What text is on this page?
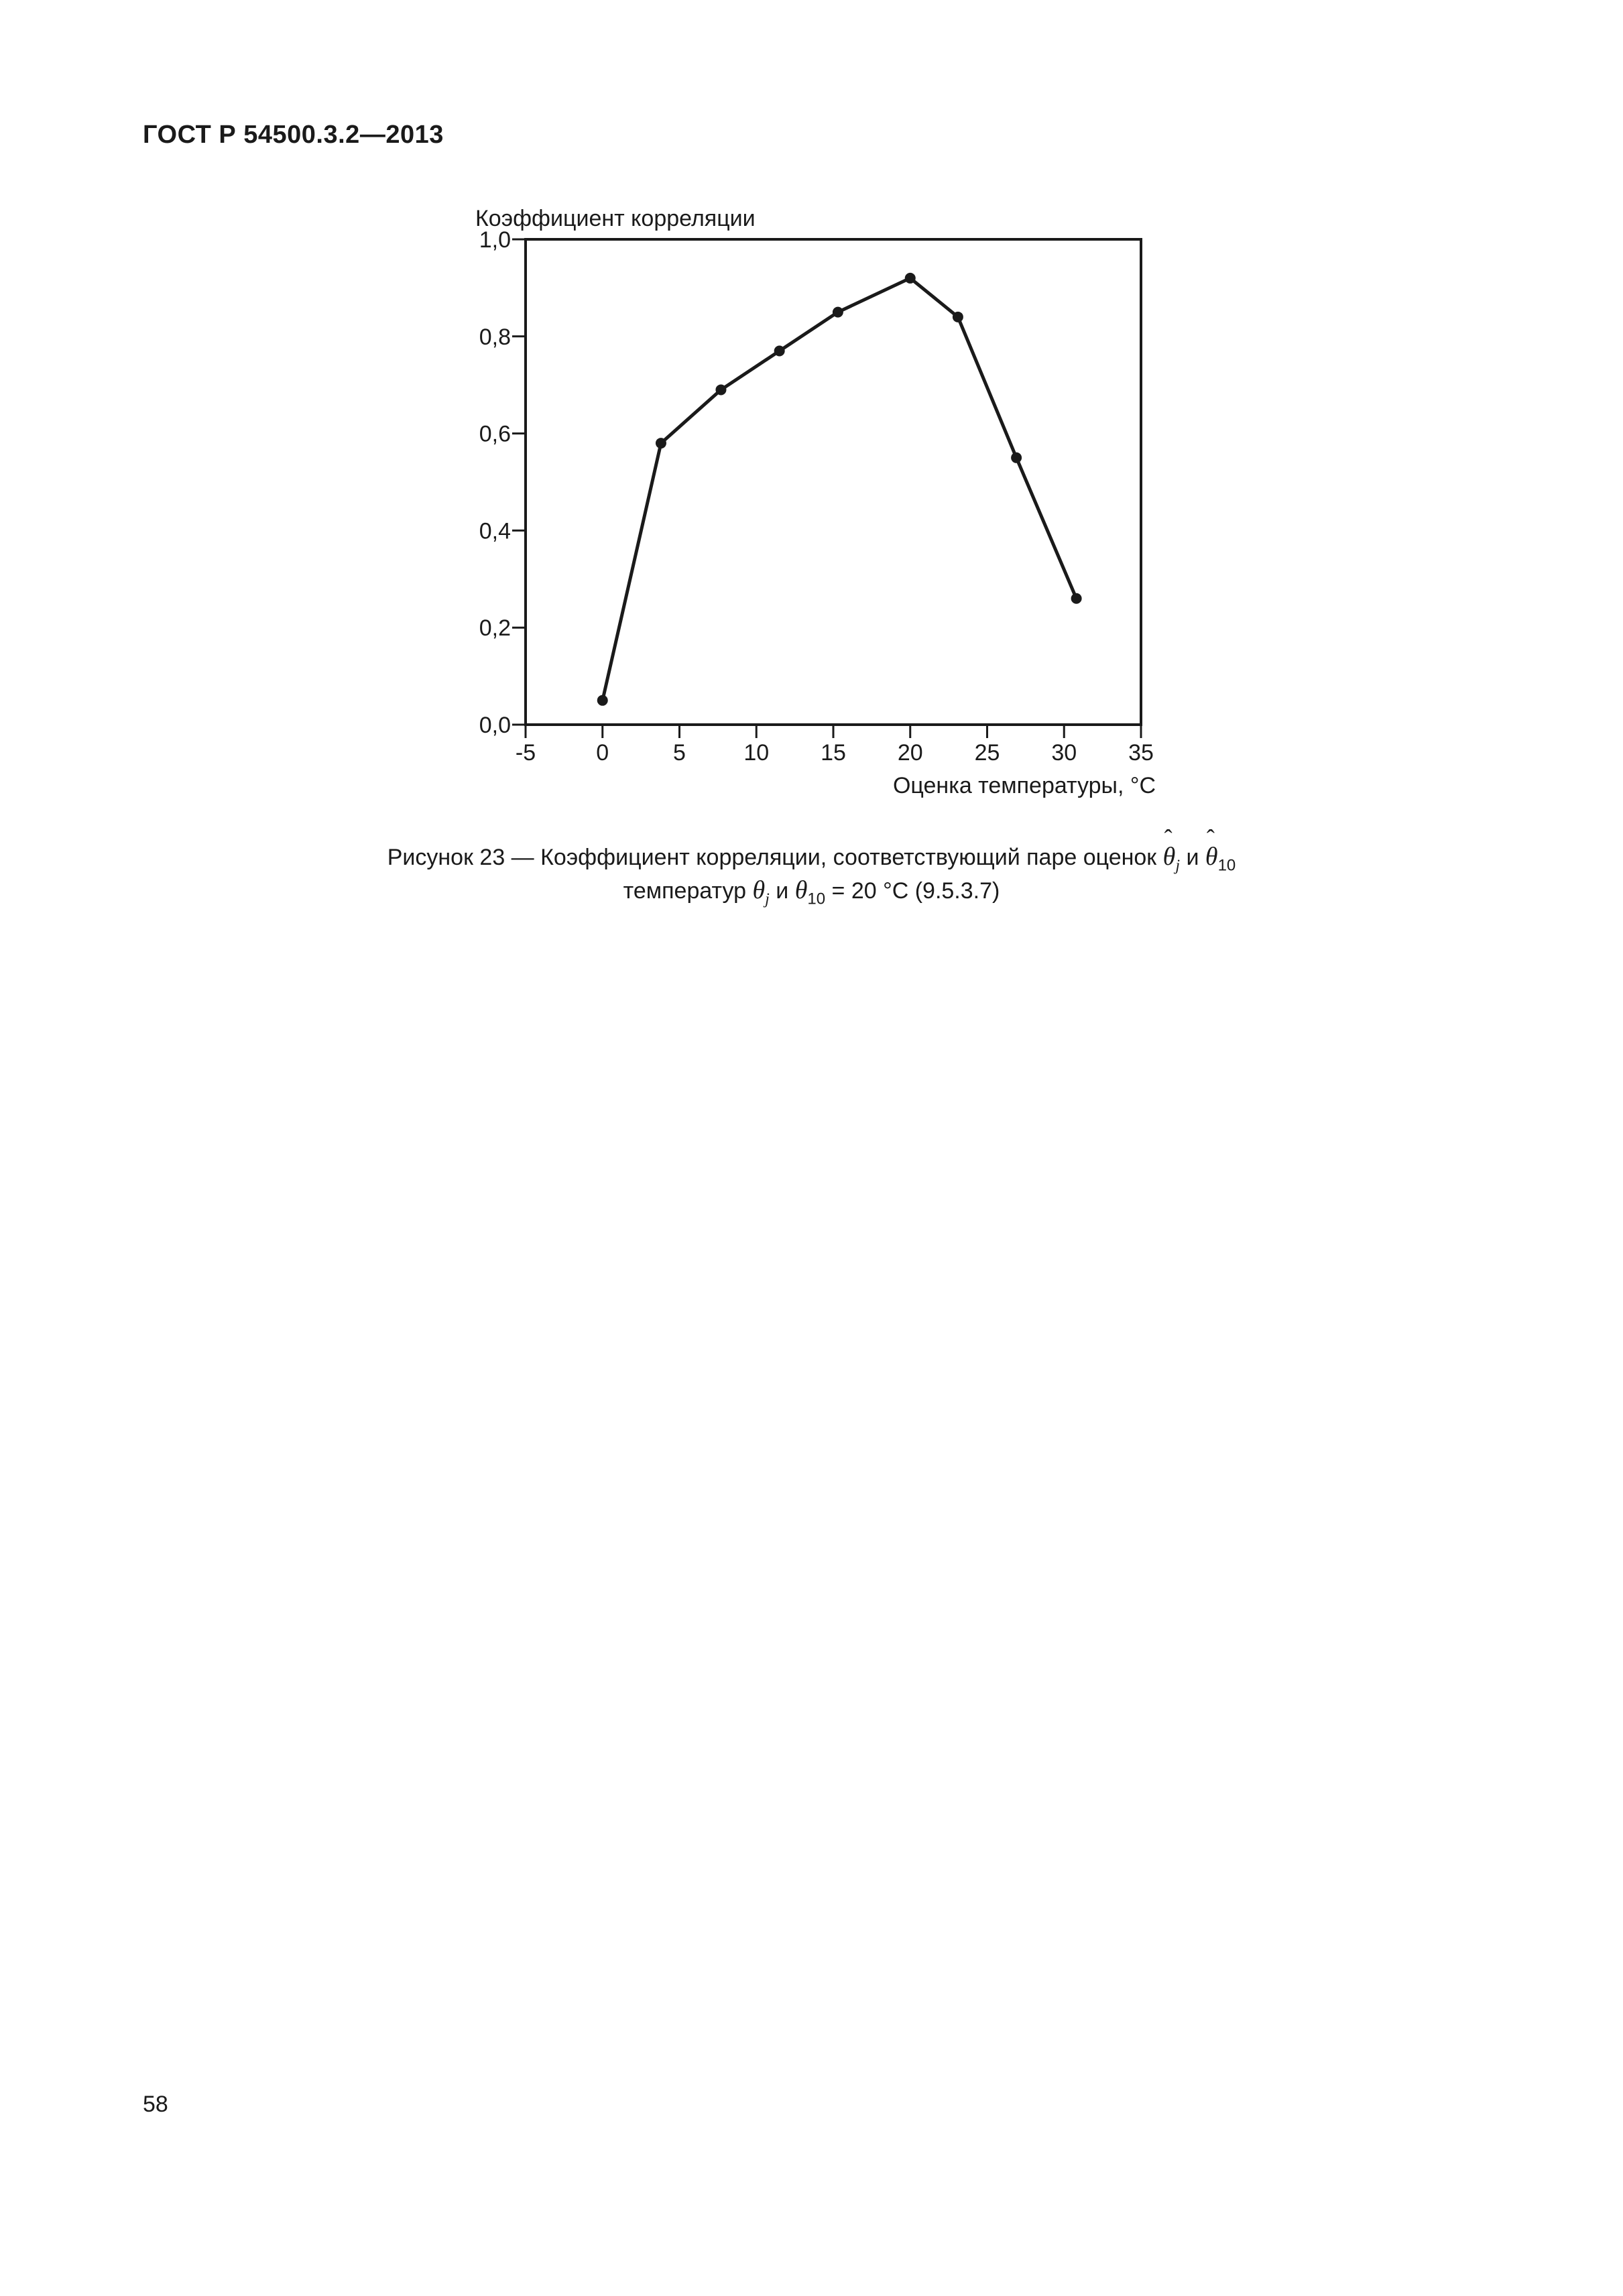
ГОСТ Р 54500.3.2—2013
0,0
0,2
0,4
0,6
0,8
1,0
-5	0	5	10 15 20 25 30 35
Коэффициент корреляции
Оценка температуры, °С
Рисунок 23 — Коэффициент корреляции, соответствующий паре оценок ˆ $\theta_j$ и ˆ $\theta_{10}$
температур $\theta_j$ и $\theta_{10} = 20$ °С (9.5.3.7)
58
